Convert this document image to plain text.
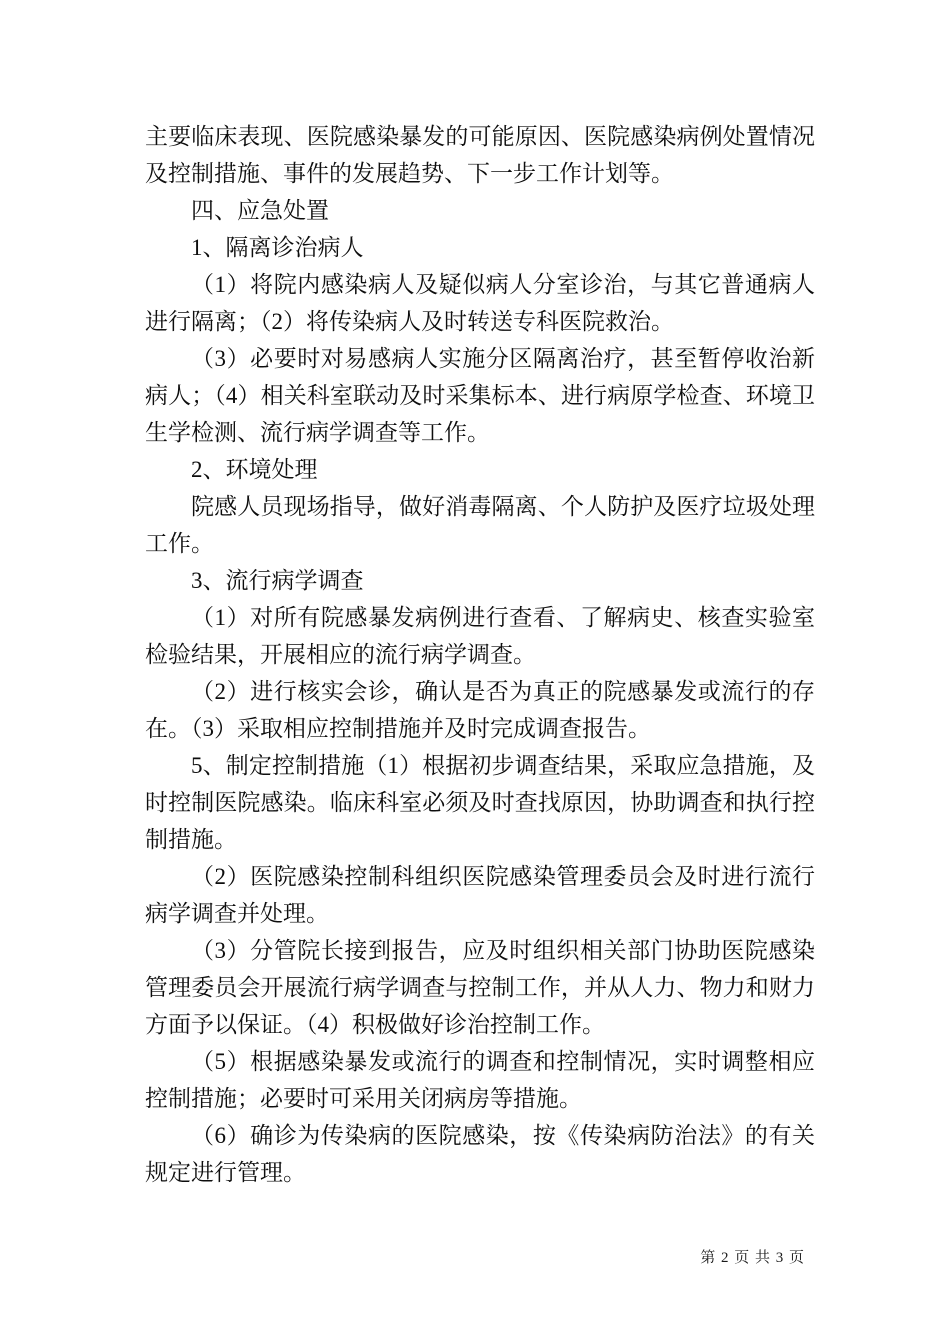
主要临床表现、医院感染暴发的可能原因、医院感染病例处置情况及控制措施、事件的发展趋势、下一步工作计划等。

四、应急处置

1、隔离诊治病人

（1）将院内感染病人及疑似病人分室诊治，与其它普通病人进行隔离；（2）将传染病人及时转送专科医院救治。

（3）必要时对易感病人实施分区隔离治疗，甚至暂停收治新病人；（4）相关科室联动及时采集标本、进行病原学检查、环境卫生学检测、流行病学调查等工作。

2、环境处理

院感人员现场指导，做好消毒隔离、个人防护及医疗垃圾处理工作。

3、流行病学调查

（1）对所有院感暴发病例进行查看、了解病史、核查实验室检验结果，开展相应的流行病学调查。

（2）进行核实会诊，确认是否为真正的院感暴发或流行的存在。（3）采取相应控制措施并及时完成调查报告。

5、制定控制措施（1）根据初步调查结果，采取应急措施，及时控制医院感染。临床科室必须及时查找原因，协助调查和执行控制措施。

（2）医院感染控制科组织医院感染管理委员会及时进行流行病学调查并处理。

（3）分管院长接到报告，应及时组织相关部门协助医院感染管理委员会开展流行病学调查与控制工作，并从人力、物力和财力方面予以保证。（4）积极做好诊治控制工作。

（5）根据感染暴发或流行的调查和控制情况，实时调整相应控制措施；必要时可采用关闭病房等措施。

（6）确诊为传染病的医院感染，按《传染病防治法》的有关规定进行管理。

第 2 页 共 3 页
